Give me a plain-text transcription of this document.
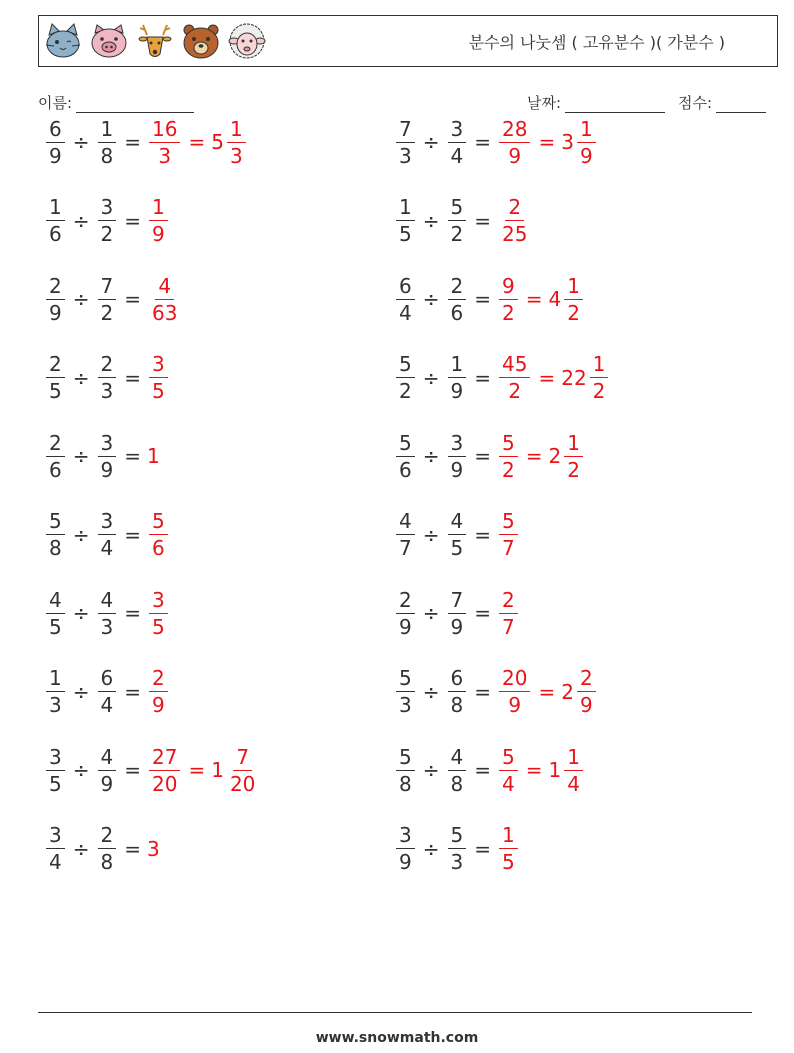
분수의 나눗셈 ( 고유분수 )( 가분수 )
이름:	날짜:	점수:
$\frac{6}{9} \div \frac{1}{8} = \frac{16}{3} = 5 \frac{1}{3}$	$\frac{7}{3} \div \frac{3}{4} = \frac{28}{9} = 3 \frac{1}{9}$
$\frac{1}{6} \div \frac{3}{2} = \frac{1}{9}$	$\frac{1}{5} \div \frac{5}{2} = \frac{2}{25}$
$\frac{2}{9} \div \frac{7}{2} = \frac{4}{63}$	$\frac{6}{4} \div \frac{2}{6} = \frac{9}{2} = 4 \frac{1}{2}$
$\frac{2}{5} \div \frac{2}{3} = \frac{3}{5}$	$\frac{5}{2} \div \frac{1}{9} = \frac{45}{2} = 22 \frac{1}{2}$
$\frac{2}{6} \div \frac{3}{9} = 1$	$\frac{5}{6} \div \frac{3}{9} = \frac{5}{2} = 2 \frac{1}{2}$
$\frac{5}{8} \div \frac{3}{4} = \frac{5}{6}$	$\frac{4}{7} \div \frac{4}{5} = \frac{5}{7}$
$\frac{4}{5} \div \frac{4}{3} = \frac{3}{5}$	$\frac{2}{9} \div \frac{7}{9} = \frac{2}{7}$
$\frac{1}{3} \div \frac{6}{4} = \frac{2}{9}$	$\frac{5}{3} \div \frac{6}{8} = \frac{20}{9} = 2 \frac{2}{9}$
$\frac{3}{5} \div \frac{4}{9} = \frac{27}{20} = 1 \frac{7}{20}$	$\frac{5}{8} \div \frac{4}{8} = \frac{5}{4} = 1 \frac{1}{4}$
$\frac{3}{4} \div \frac{2}{8} = 3$	$\frac{3}{9} \div \frac{5}{3} = \frac{1}{5}$
www.snowmath.com
